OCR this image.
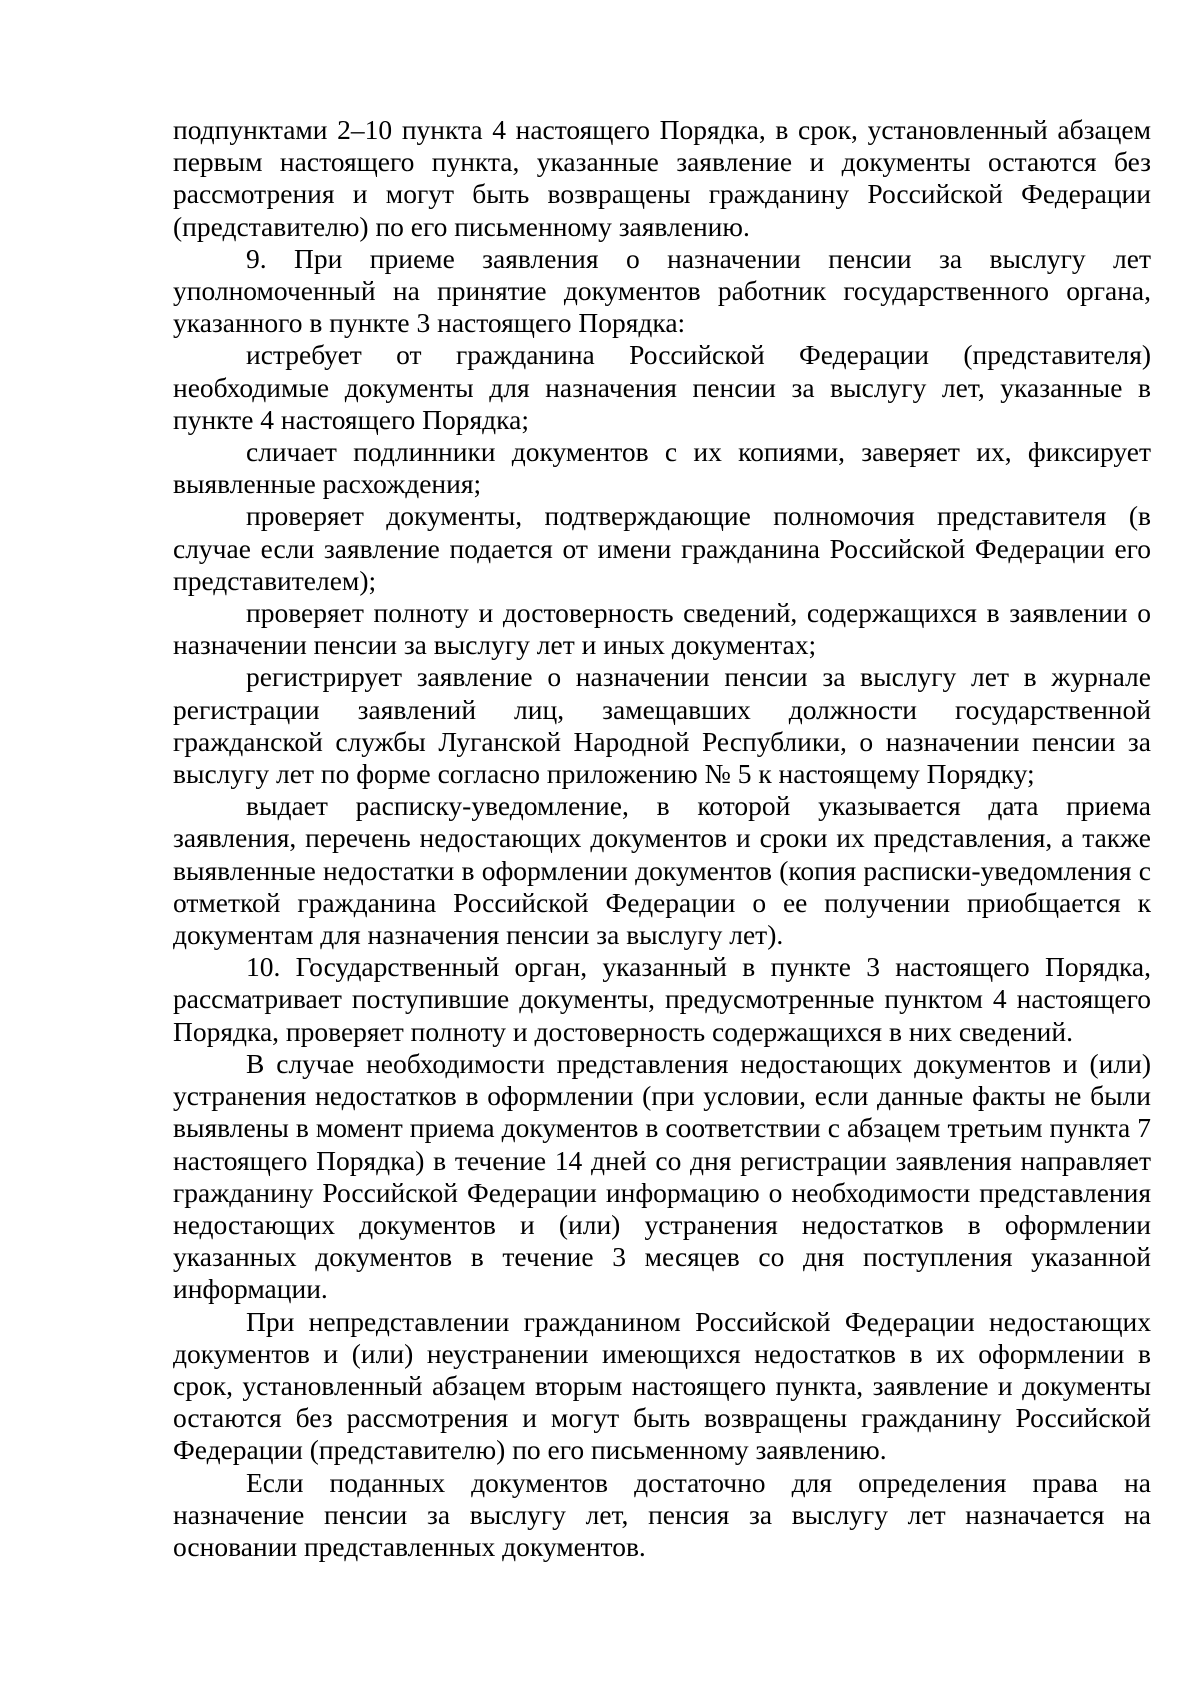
подпунктами 2–10 пункта 4 настоящего Порядка, в срок, установленный абзацем первым настоящего пункта, указанные заявление и документы остаются без рассмотрения и могут быть возвращены гражданину Российской Федерации (представителю) по его письменному заявлению.

9. При приеме заявления о назначении пенсии за выслугу лет уполномоченный на принятие документов работник государственного органа, указанного в пункте 3 настоящего Порядка:

истребует от гражданина Российской Федерации (представителя) необходимые документы для назначения пенсии за выслугу лет, указанные в пункте 4 настоящего Порядка;

сличает подлинники документов с их копиями, заверяет их, фиксирует выявленные расхождения;

проверяет документы, подтверждающие полномочия представителя (в случае если заявление подается от имени гражданина Российской Федерации его представителем);

проверяет полноту и достоверность сведений, содержащихся в заявлении о назначении пенсии за выслугу лет и иных документах;

регистрирует заявление о назначении пенсии за выслугу лет в журнале регистрации заявлений лиц, замещавших должности государственной гражданской службы Луганской Народной Республики, о назначении пенсии за выслугу лет по форме согласно приложению № 5 к настоящему Порядку;

выдает расписку-уведомление, в которой указывается дата приема заявления, перечень недостающих документов и сроки их представления, а также выявленные недостатки в оформлении документов (копия расписки-уведомления с отметкой гражданина Российской Федерации о ее получении приобщается к документам для назначения пенсии за выслугу лет).

10. Государственный орган, указанный в пункте 3 настоящего Порядка, рассматривает поступившие документы, предусмотренные пунктом 4 настоящего Порядка, проверяет полноту и достоверность содержащихся в них сведений.

В случае необходимости представления недостающих документов и (или) устранения недостатков в оформлении (при условии, если данные факты не были выявлены в момент приема документов в соответствии с абзацем третьим пункта 7 настоящего Порядка) в течение 14 дней со дня регистрации заявления направляет гражданину Российской Федерации информацию о необходимости представления недостающих документов и (или) устранения недостатков в оформлении указанных документов в течение 3 месяцев со дня поступления указанной информации.

При непредставлении гражданином Российской Федерации недостающих документов и (или) неустранении имеющихся недостатков в их оформлении в срок, установленный абзацем вторым настоящего пункта, заявление и документы остаются без рассмотрения и могут быть возвращены гражданину Российской Федерации (представителю) по его письменному заявлению.

Если поданных документов достаточно для определения права на назначение пенсии за выслугу лет, пенсия за выслугу лет назначается на основании представленных документов.
